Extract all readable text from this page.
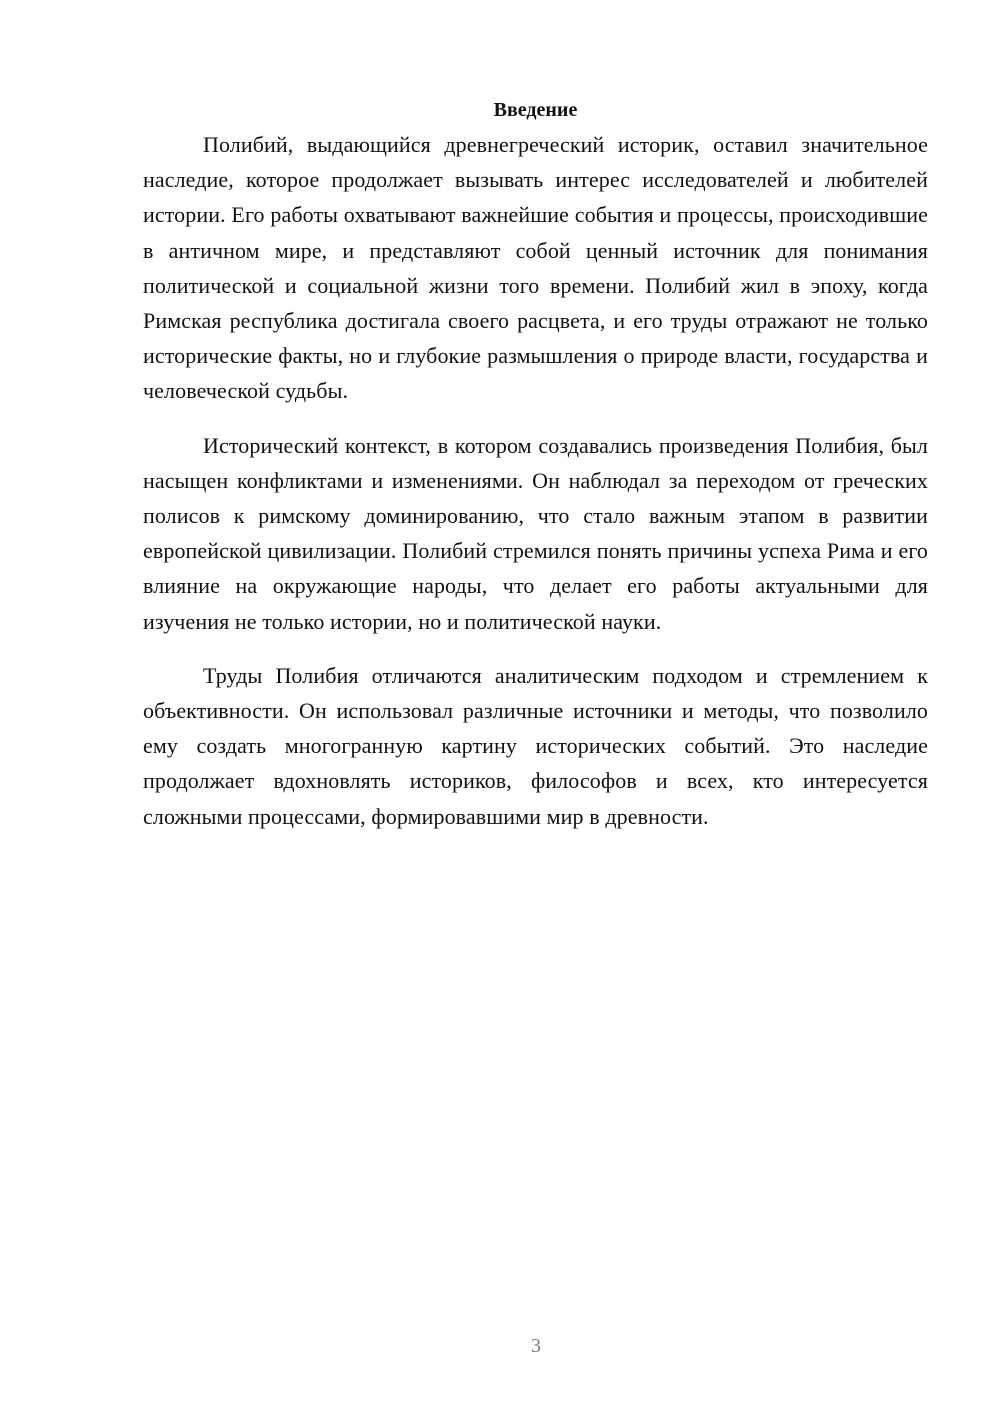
Введение

Полибий, выдающийся древнегреческий историк, оставил значительное наследие, которое продолжает вызывать интерес исследователей и любителей истории. Его работы охватывают важнейшие события и процессы, происходившие в античном мире, и представляют собой ценный источник для понимания политической и социальной жизни того времени. Полибий жил в эпоху, когда Римская республика достигала своего расцвета, и его труды отражают не только исторические факты, но и глубокие размышления о природе власти, государства и человеческой судьбы.

Исторический контекст, в котором создавались произведения Полибия, был насыщен конфликтами и изменениями. Он наблюдал за переходом от греческих полисов к римскому доминированию, что стало важным этапом в развитии европейской цивилизации. Полибий стремился понять причины успеха Рима и его влияние на окружающие народы, что делает его работы актуальными для изучения не только истории, но и политической науки.

Труды Полибия отличаются аналитическим подходом и стремлением к объективности. Он использовал различные источники и методы, что позволило ему создать многогранную картину исторических событий. Это наследие продолжает вдохновлять историков, философов и всех, кто интересуется сложными процессами, формировавшими мир в древности.

3
